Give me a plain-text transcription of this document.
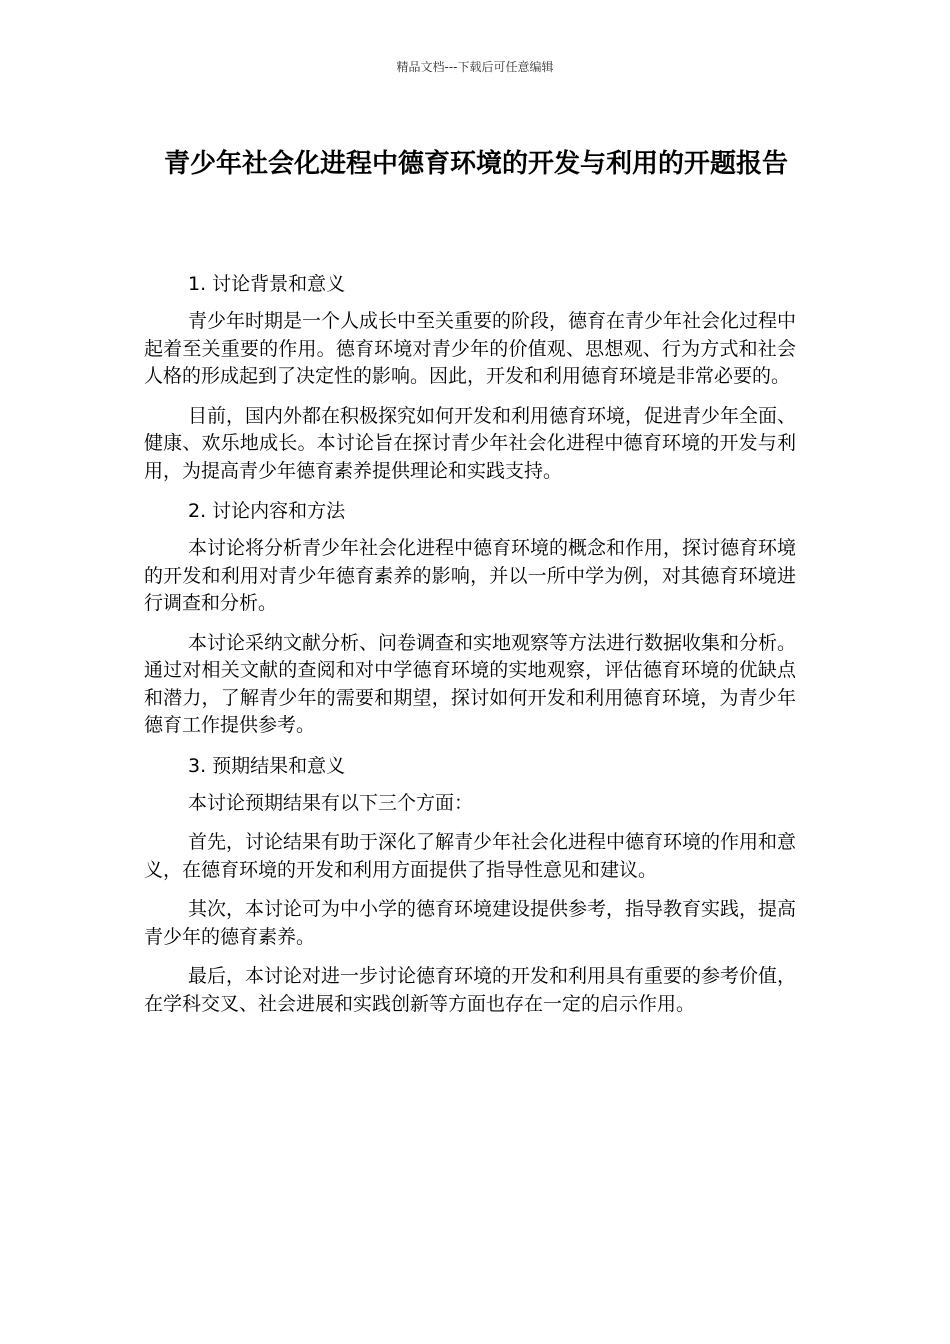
精品文档---下载后可任意编辑
青少年社会化进程中德育环境的开发与利用的开题报告

1. 讨论背景和意义

青少年时期是一个人成长中至关重要的阶段，德育在青少年社会化过程中起着至关重要的作用。德育环境对青少年的价值观、思想观、行为方式和社会人格的形成起到了决定性的影响。因此，开发和利用德育环境是非常必要的。

目前，国内外都在积极探究如何开发和利用德育环境，促进青少年全面、健康、欢乐地成长。本讨论旨在探讨青少年社会化进程中德育环境的开发与利用，为提高青少年德育素养提供理论和实践支持。

2. 讨论内容和方法

本讨论将分析青少年社会化进程中德育环境的概念和作用，探讨德育环境的开发和利用对青少年德育素养的影响，并以一所中学为例，对其德育环境进行调查和分析。

本讨论采纳文献分析、问卷调查和实地观察等方法进行数据收集和分析。通过对相关文献的查阅和对中学德育环境的实地观察，评估德育环境的优缺点和潜力，了解青少年的需要和期望，探讨如何开发和利用德育环境，为青少年德育工作提供参考。

3. 预期结果和意义

本讨论预期结果有以下三个方面：

首先，讨论结果有助于深化了解青少年社会化进程中德育环境的作用和意义，在德育环境的开发和利用方面提供了指导性意见和建议。

其次，本讨论可为中小学的德育环境建设提供参考，指导教育实践，提高青少年的德育素养。

最后，本讨论对进一步讨论德育环境的开发和利用具有重要的参考价值，在学科交叉、社会进展和实践创新等方面也存在一定的启示作用。
